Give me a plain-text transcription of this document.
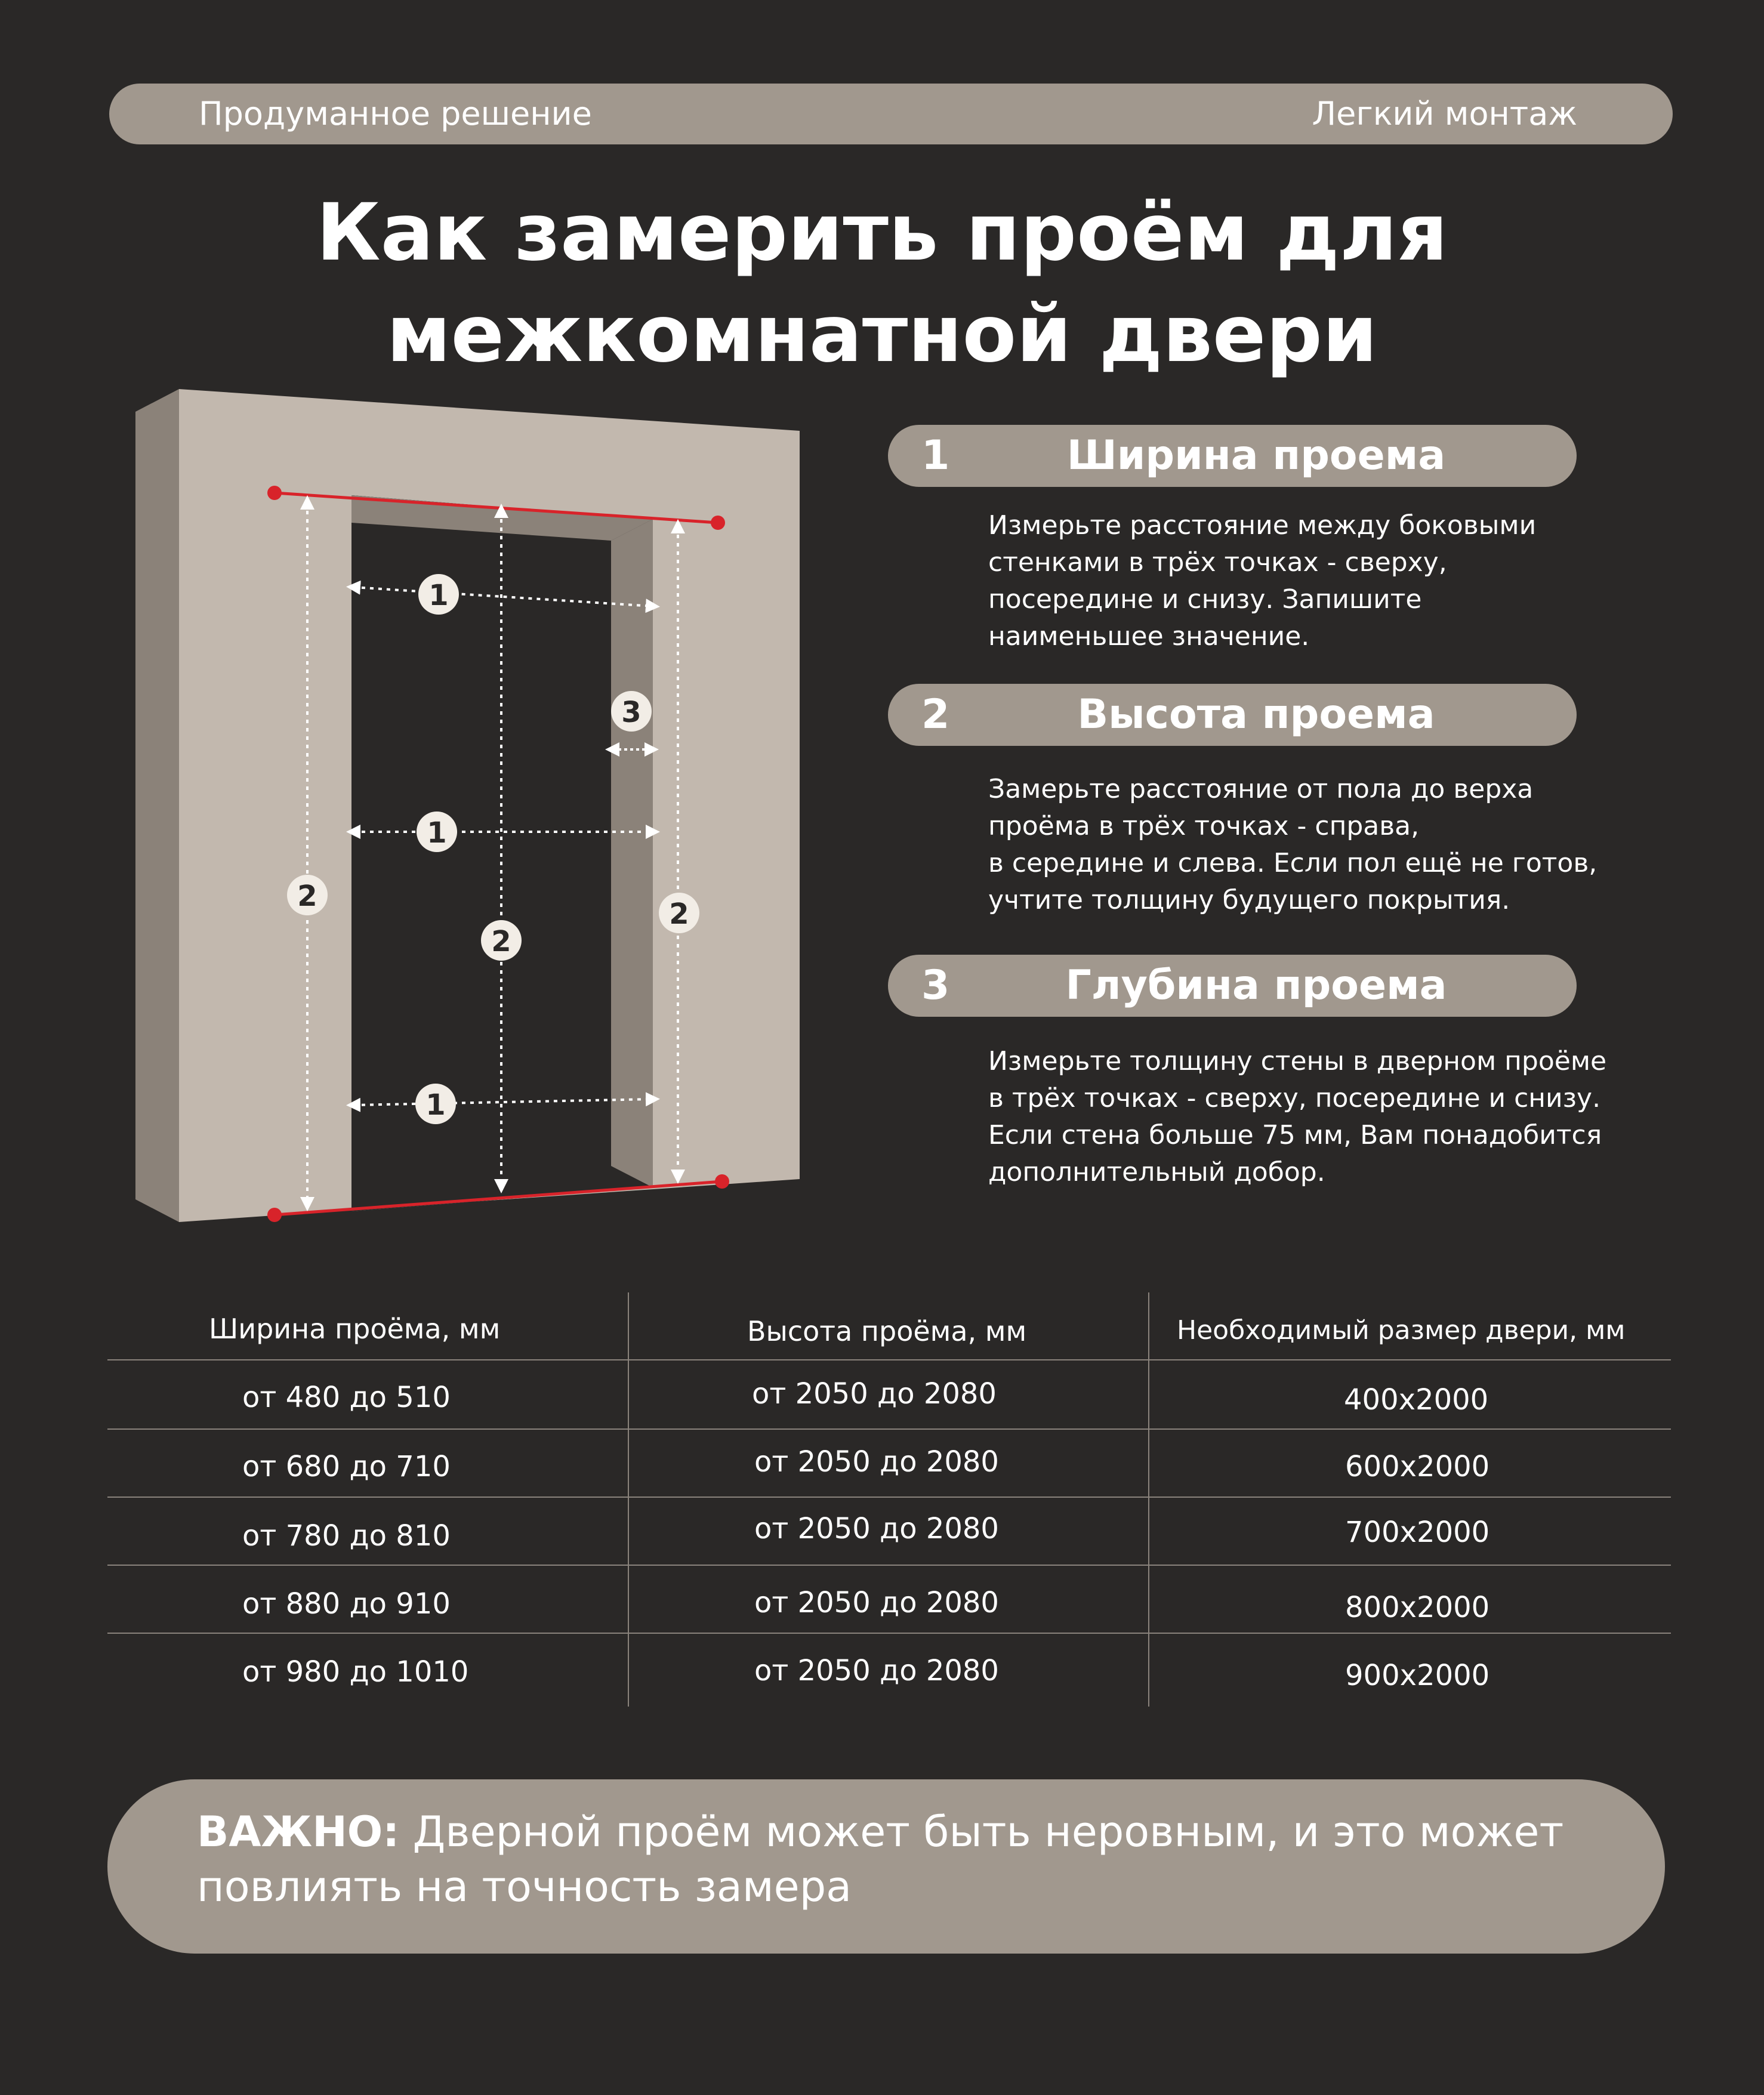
Продуманное решение	Легкий монтаж
Как замерить проём для
межкомнатной двери
1
1
1
2
2
2
3
1	Ширина проема
Измерьте расстояние между боковыми
стенками в трёх точках - сверху,
посередине и снизу. Запишите
наименьшее значение.
2	Высота проема
Замерьте расстояние от пола до верха
проёма в трёх точках - справа,
в середине и слева. Если пол ещё не готов,
учтите толщину будущего покрытия.
3	Глубина проема
Измерьте толщину стены в дверном проёме
в трёх точках - сверху, посередине и снизу.
Если стена больше 75 мм, Вам понадобится
дополнительный добор.
Ширина проёма, мм	Высота проёма, мм	Необходимый размер двери, мм
от 480 до 510	от 2050 до 2080	400x2000
от 680 до 710	от 2050 до 2080	600x2000
от 780 до 810	от 2050 до 2080	700x2000
от 880 до 910	от 2050 до 2080	800x2000
от 980 до 1010	от 2050 до 2080	900x2000
ВАЖНО: Дверной проём может быть неровным, и это может
повлиять на точность замера
